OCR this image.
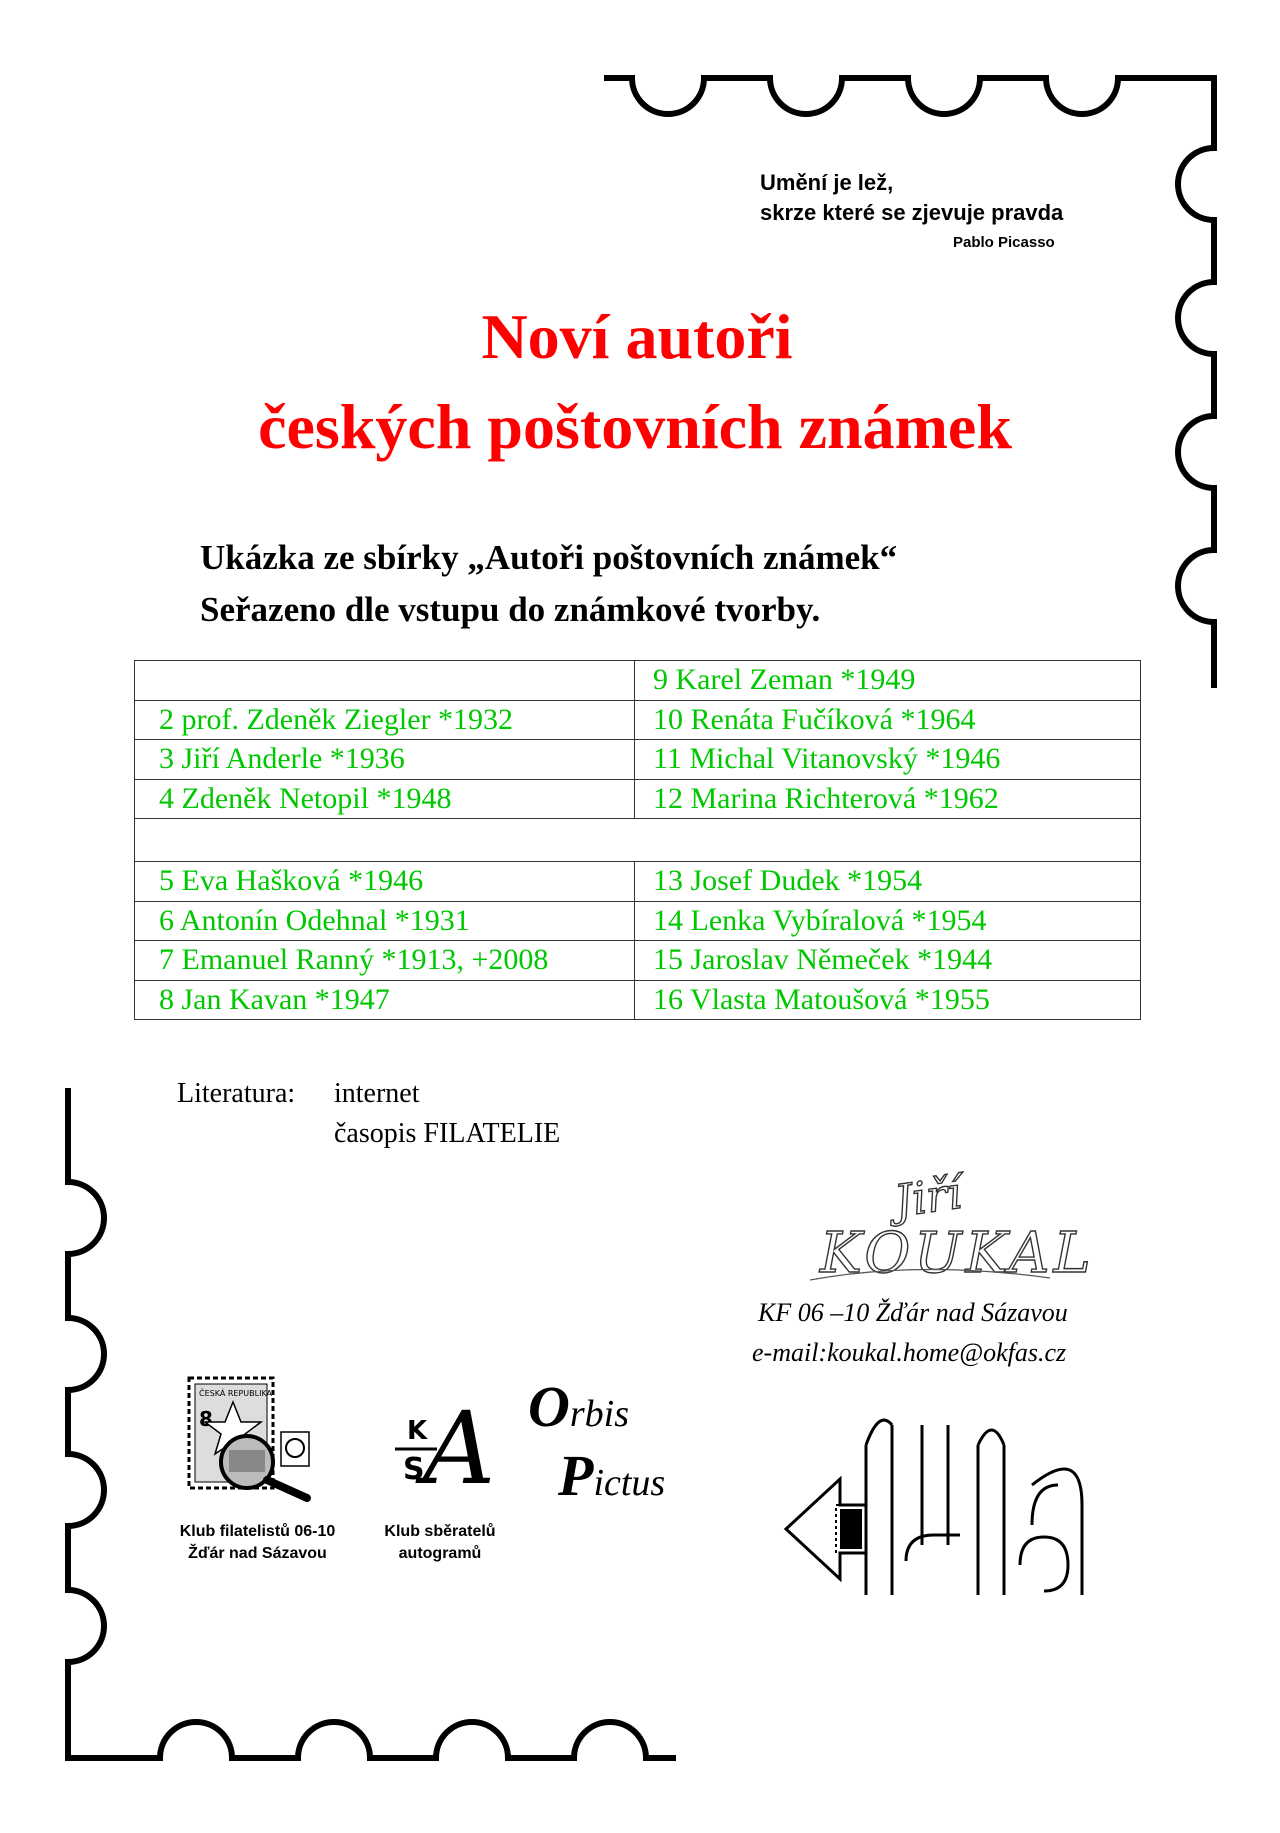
Umění je lež,
skrze které se zjevuje pravda
Pablo Picasso
Noví autoři
českých poštovních známek
Ukázka ze sbírky „Autoři poštovních známek“
Seřazeno dle vstupu do známkové tvorby.
	9 Karel Zeman *1949
2 prof. Zdeněk Ziegler *1932	10 Renáta Fučíková *1964
3 Jiří Anderle *1936	11 Michal Vitanovský *1946
4 Zdeněk Netopil *1948	12 Marina Richterová *1962

5 Eva Hašková *1946	13 Josef Dudek *1954
6 Antonín Odehnal *1931	14 Lenka Vybíralová *1954
7 Emanuel Ranný *1913, +2008	15 Jaroslav Němeček *1944
8 Jan Kavan *1947	16 Vlasta Matoušová *1955
Literatura: internet
časopis FILATELIE
Jiří
KOUKAL
KF 06 –10 Žďár nad Sázavou
e-mail:koukal.home@okfas.cz
ČESKÁ REPUBLIKA
8
Klub filatelistů 06-10
Žďár nad Sázavou
K
S
A
Klub sběratelů
autogramů
Orbis
Pictus
